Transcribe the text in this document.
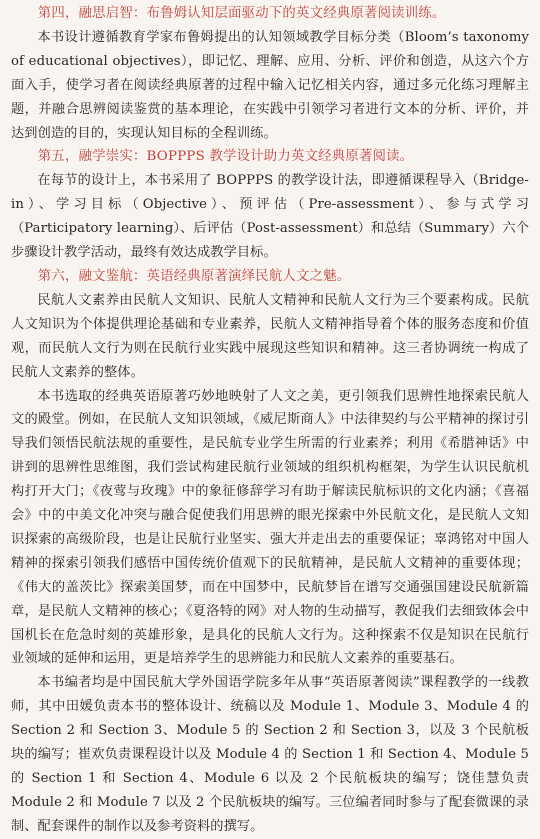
第四，融思启智：布鲁姆认知层面驱动下的英文经典原著阅读训练。

本书设计遵循教育学家布鲁姆提出的认知领域教学目标分类（Bloom’s taxonomy of educational objectives），即记忆、理解、应用、分析、评价和创造，从这六个方面入手，使学习者在阅读经典原著的过程中输入记忆相关内容，通过多元化练习理解主题，并融合思辨阅读鉴赏的基本理论，在实践中引领学习者进行文本的分析、评价，并达到创造的目的，实现认知目标的全程训练。

第五，融学崇实：BOPPPS 教学设计助力英文经典原著阅读。

在每节的设计上，本书采用了 BOPPPS 的教学设计法，即遵循课程导入（Bridge-in）、学习目标（Objective）、预评估（Pre-assessment）、参与式学习（Participatory learning）、后评估（Post-assessment）和总结（Summary）六个步骤设计教学活动，最终有效达成教学目标。

第六，融文鉴航：英语经典原著演绎民航人文之魅。

民航人文素养由民航人文知识、民航人文精神和民航人文行为三个要素构成。民航人文知识为个体提供理论基础和专业素养，民航人文精神指导着个体的服务态度和价值观，而民航人文行为则在民航行业实践中展现这些知识和精神。这三者协调统一构成了民航人文素养的整体。

本书选取的经典英语原著巧妙地映射了人文之美，更引领我们思辨性地探索民航人文的殿堂。例如，在民航人文知识领域，《威尼斯商人》中法律契约与公平精神的探讨引导我们领悟民航法规的重要性，是民航专业学生所需的行业素养；利用《希腊神话》中讲到的思辨性思维图，我们尝试构建民航行业领域的组织机构框架，为学生认识民航机构打开大门；《夜莺与玫瑰》中的象征修辞学习有助于解读民航标识的文化内涵；《喜福会》中的中美文化冲突与融合促使我们用思辨的眼光探索中外民航文化，是民航人文知识探索的高级阶段，也是让民航行业坚实、强大并走出去的重要保证；辜鸿铭对中国人精神的探索引领我们感悟中国传统价值观下的民航精神，是民航人文精神的重要体现；《伟大的盖茨比》探索美国梦，而在中国梦中，民航梦旨在谱写交通强国建设民航新篇章，是民航人文精神的核心；《夏洛特的网》对人物的生动描写，教促我们去细致体会中国机长在危急时刻的英雄形象，是具化的民航人文行为。这种探索不仅是知识在民航行业领域的延伸和运用，更是培养学生的思辨能力和民航人文素养的重要基石。

本书编者均是中国民航大学外国语学院多年从事“英语原著阅读”课程教学的一线教师，其中田媛负责本书的整体设计、统稿以及 Module 1、Module 3、Module 4 的 Section 2 和 Section 3、Module 5 的 Section 2 和 Section 3，以及 3 个民航板块的编写；崔欢负责课程设计以及 Module 4 的 Section 1 和 Section 4、Module 5 的 Section 1 和 Section 4、Module 6 以及 2 个民航板块的编写；饶佳慧负责 Module 2 和 Module 7 以及 2 个民航板块的编写。三位编者同时参与了配套微课的录制、配套课件的制作以及参考资料的撰写。
